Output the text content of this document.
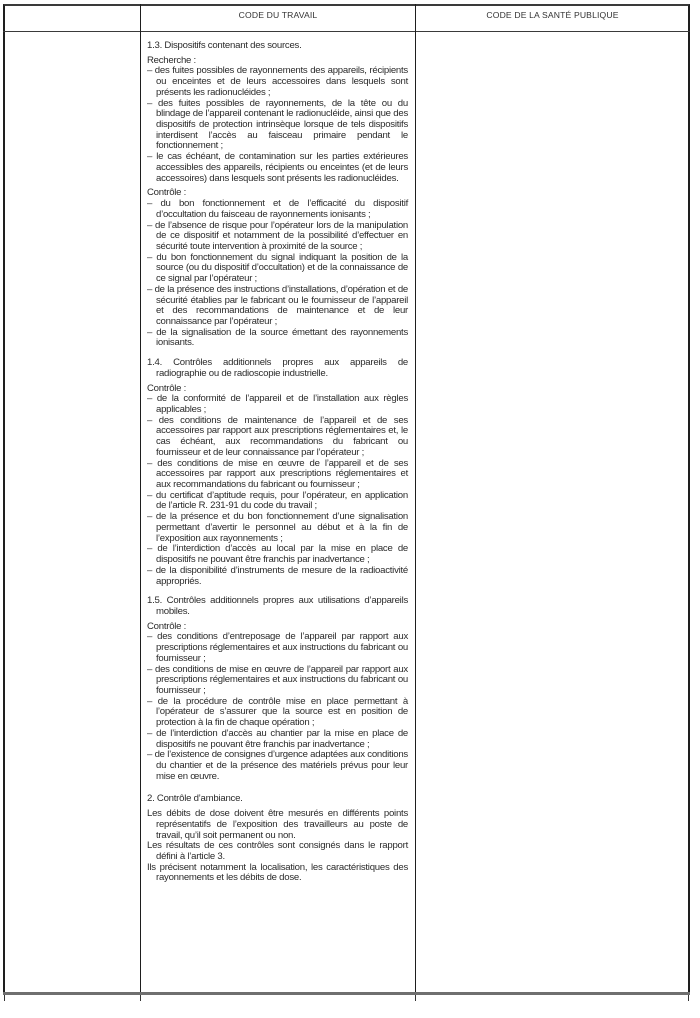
CODE DU TRAVAIL	CODE DE LA SANTÉ PUBLIQUE

1.3. Dispositifs contenant des sources.

Recherche :

– des fuites possibles de rayonnements des appareils, récipients ou enceintes et de leurs accessoires dans lesquels sont présents les radionucléides ;
– des fuites possibles de rayonnements, de la tête ou du blindage de l’appareil contenant le radionucléide, ainsi que des dispositifs de protection intrinsèque lorsque de tels dispositifs interdisent l’accès au faisceau primaire pendant le fonctionnement ;
– le cas échéant, de contamination sur les parties extérieures accessibles des appareils, récipients ou enceintes (et de leurs accessoires) dans lesquels sont présents les radionucléides.

Contrôle :

– du bon fonctionnement et de l’efficacité du dispositif d’occultation du faisceau de rayonnements ionisants ;
– de l’absence de risque pour l’opérateur lors de la manipulation de ce dispositif et notamment de la possibilité d’effectuer en sécurité toute intervention à proximité de la source ;
– du bon fonctionnement du signal indiquant la position de la source (ou du dispositif d’occultation) et de la connaissance de ce signal par l’opérateur ;
– de la présence des instructions d’installations, d’opération et de sécurité établies par le fabricant ou le fournisseur de l’appareil et des recommandations de maintenance et de leur connaissance par l’opérateur ;
– de la signalisation de la source émettant des rayonnements ionisants.

1.4. Contrôles additionnels propres aux appareils de radiographie ou de radioscopie industrielle.

Contrôle :

– de la conformité de l’appareil et de l’installation aux règles applicables ;
– des conditions de maintenance de l’appareil et de ses accessoires par rapport aux prescriptions réglementaires et, le cas échéant, aux recommandations du fabricant ou fournisseur et de leur connaissance par l’opérateur ;
– des conditions de mise en œuvre de l’appareil et de ses accessoires par rapport aux prescriptions réglementaires et aux recommandations du fabricant ou fournisseur ;
– du certificat d’aptitude requis, pour l’opérateur, en application de l’article R. 231-91 du code du travail ;
– de la présence et du bon fonctionnement d’une signalisation permettant d’avertir le personnel au début et à la fin de l’exposition aux rayonnements ;
– de l’interdiction d’accès au local par la mise en place de dispositifs ne pouvant être franchis par inadvertance ;
– de la disponibilité d’instruments de mesure de la radioactivité appropriés.

1.5. Contrôles additionnels propres aux utilisations d’appareils mobiles.

Contrôle :

– des conditions d’entreposage de l’appareil par rapport aux prescriptions réglementaires et aux instructions du fabricant ou fournisseur ;
– des conditions de mise en œuvre de l’appareil par rapport aux prescriptions réglementaires et aux instructions du fabricant ou fournisseur ;
– de la procédure de contrôle mise en place permettant à l’opérateur de s’assurer que la source est en position de protection à la fin de chaque opération ;
– de l’interdiction d’accès au chantier par la mise en place de dispositifs ne pouvant être franchis par inadvertance ;
– de l’existence de consignes d’urgence adaptées aux conditions du chantier et de la présence des matériels prévus pour leur mise en œuvre.

2. Contrôle d’ambiance.

Les débits de dose doivent être mesurés en différents points représentatifs de l’exposition des travailleurs au poste de travail, qu’il soit permanent ou non.

Les résultats de ces contrôles sont consignés dans le rapport défini à l’article 3.

Ils précisent notamment la localisation, les caractéristiques des rayonnements et les débits de dose.
